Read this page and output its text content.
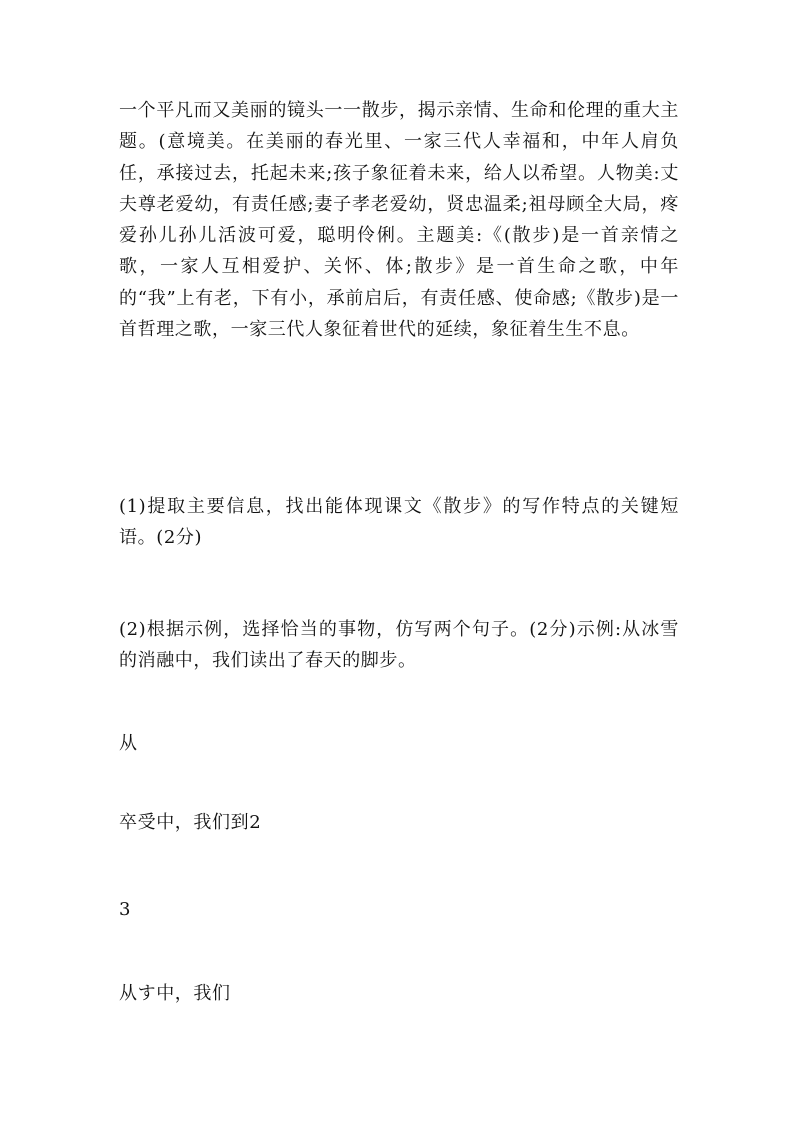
一个平凡而又美丽的镜头一一散步，揭示亲情、生命和伦理的重大主题。(意境美。在美丽的春光里、一家三代人幸福和，中年人肩负任，承接过去，托起未来;孩子象征着未来，给人以希望。人物美:丈夫尊老爱幼，有责任感;妻子孝老爱幼，贤忠温柔;祖母顾全大局，疼爱孙儿孙儿活波可爱，聪明伶俐。主题美:《(散步)是一首亲情之歌，一家人互相爱护、关怀、体;散步》是一首生命之歌，中年的“我”上有老，下有小，承前启后，有责任感、使命感;《散步)是一首哲理之歌，一家三代人象征着世代的延续，象征着生生不息。

(1)提取主要信息，找出能体现课文《散步》的写作特点的关键短语。(2分)

(2)根据示例，选择恰当的事物，仿写两个句子。(2分)示例:从冰雪的消融中，我们读出了春天的脚步。

从

卒受中，我们到2

3

从す中，我们
